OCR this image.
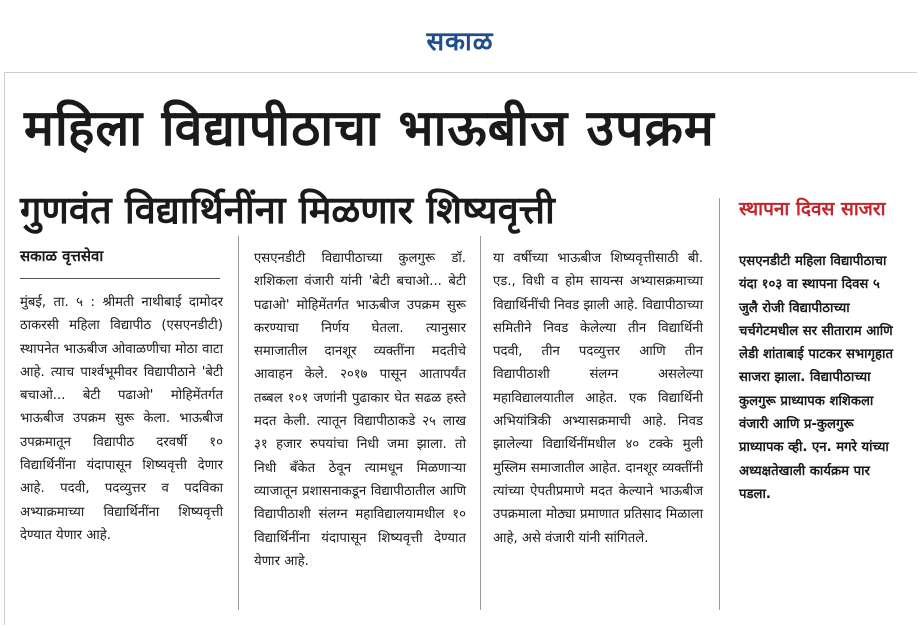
सकाळ
महिला विद्यापीठाचा भाऊबीज उपक्रम
गुणवंत विद्यार्थिनींना मिळणार शिष्यवृत्ती
सकाळ वृत्तसेवा
मुंबई, ता. ५ : श्रीमती नाथीबाई दामोदर ठाकरसी महिला विद्यापीठ (एसएनडीटी) स्थापनेत भाऊबीज ओवाळणीचा मोठा वाटा आहे. त्याच पार्श्वभूमीवर विद्यापीठाने 'बेटी बचाओ... बेटी पढाओ' मोहिमेंतर्गत भाऊबीज उपक्रम सुरू केला. भाऊबीज उपक्रमातून विद्यापीठ दरवर्षी १० विद्यार्थिनींना यंदापासून शिष्यवृत्ती देणार आहे. पदवी, पदव्युत्तर व पदविका अभ्याक्रमाच्या विद्यार्थिनींना शिष्यवृत्ती देण्यात येणार आहे.
एसएनडीटी विद्यापीठाच्या कुलगुरू डॉ. शशिकला वंजारी यांनी 'बेटी बचाओ... बेटी पढाओ' मोहिमेंतर्गत भाऊबीज उपक्रम सुरू करण्याचा निर्णय घेतला. त्यानुसार समाजातील दानशूर व्यक्तींना मदतीचे आवाहन केले. २०१७ पासून आतापर्यंत तब्बल १०१ जणांनी पुढाकार घेत सढळ हस्ते मदत केली. त्यातून विद्यापीठाकडे २५ लाख ३१ हजार रुपयांचा निधी जमा झाला. तो निधी बँकेत ठेवून त्यामधून मिळणाऱ्या व्याजातून प्रशासनाकडून विद्यापीठातील आणि विद्यापीठाशी संलग्न महाविद्यालयामधील १० विद्यार्थिनींना यंदापासून शिष्यवृत्ती देण्यात येणार आहे.
या वर्षीच्या भाऊबीज शिष्यवृत्तीसाठी बी. एड., विधी व होम सायन्स अभ्यासक्रमाच्या विद्यार्थिनींची निवड झाली आहे. विद्यापीठाच्या समितीने निवड केलेल्या तीन विद्यार्थिनी पदवी, तीन पदव्युत्तर आणि तीन विद्यापीठाशी संलग्न असलेल्या महाविद्यालयातील आहेत. एक विद्यार्थिनी अभियांत्रिकी अभ्यासक्रमाची आहे. निवड झालेल्या विद्यार्थिनींमधील ४० टक्के मुली मुस्लिम समाजातील आहेत. दानशूर व्यक्तींनी त्यांच्या ऐपतीप्रमाणे मदत केल्याने भाऊबीज उपक्रमाला मोठ्या प्रमाणात प्रतिसाद मिळाला आहे, असे वंजारी यांनी सांगितले.
स्थापना दिवस साजरा
एसएनडीटी महिला विद्यापीठाचा यंदा १०३ वा स्थापना दिवस ५ जुलै रोजी विद्यापीठाच्या चर्चगेटमधील सर सीताराम आणि लेडी शांताबाई पाटकर सभागृहात साजरा झाला. विद्यापीठाच्या कुलगुरू प्राध्यापक शशिकला वंजारी आणि प्र-कुलगुरू प्राध्यापक व्ही. एन. मगरे यांच्या अध्यक्षतेखाली कार्यक्रम पार पडला.
